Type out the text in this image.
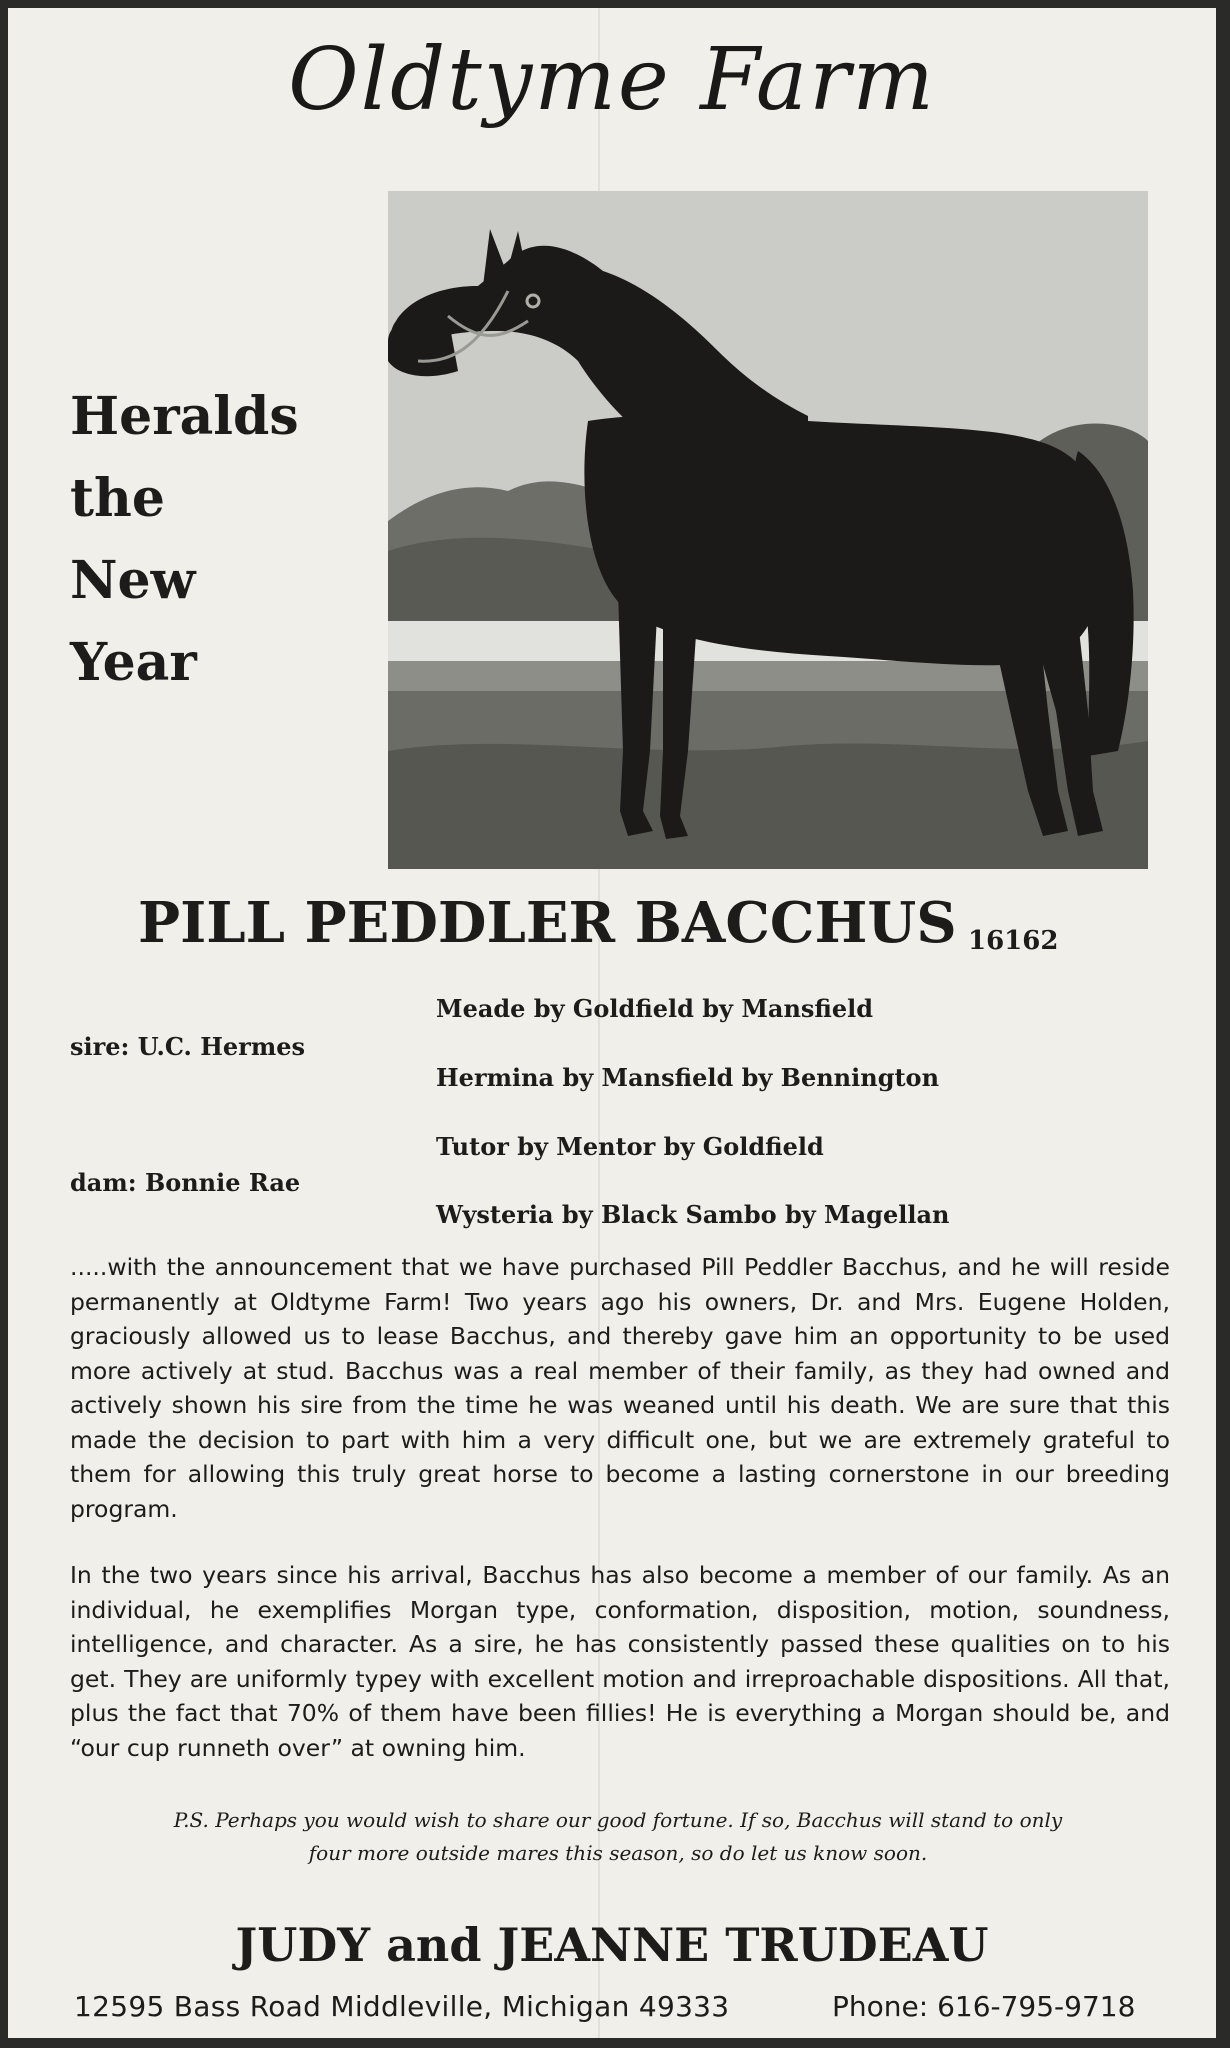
Oldtyme Farm
Heralds
the
New
Year
PILL PEDDLER BACCHUS 16162
sire: U.C. Hermes
dam: Bonnie Rae
Meade by Goldfield by Mansfield
Hermina by Mansfield by Bennington
Tutor by Mentor by Goldfield
Wysteria by Black Sambo by Magellan
.....with the announcement that we have purchased Pill Peddler Bacchus, and he will reside permanently at Oldtyme Farm! Two years ago his owners, Dr. and Mrs. Eugene Holden, graciously allowed us to lease Bacchus, and thereby gave him an opportunity to be used more actively at stud. Bacchus was a real member of their family, as they had owned and actively shown his sire from the time he was weaned until his death. We are sure that this made the decision to part with him a very difficult one, but we are extremely grateful to them for allowing this truly great horse to become a lasting cornerstone in our breeding program.
In the two years since his arrival, Bacchus has also become a member of our family. As an individual, he exemplifies Morgan type, conformation, disposition, motion, soundness, intelligence, and character. As a sire, he has consistently passed these qualities on to his get. They are uniformly typey with excellent motion and irreproachable dispositions. All that, plus the fact that 70% of them have been fillies! He is everything a Morgan should be, and “our cup runneth over” at owning him.
P.S. Perhaps you would wish to share our good fortune. If so, Bacchus will stand to only four more outside mares this season, so do let us know soon.
JUDY and JEANNE TRUDEAU
12595 Bass Road Middleville, Michigan 49333	Phone: 616-795-9718
